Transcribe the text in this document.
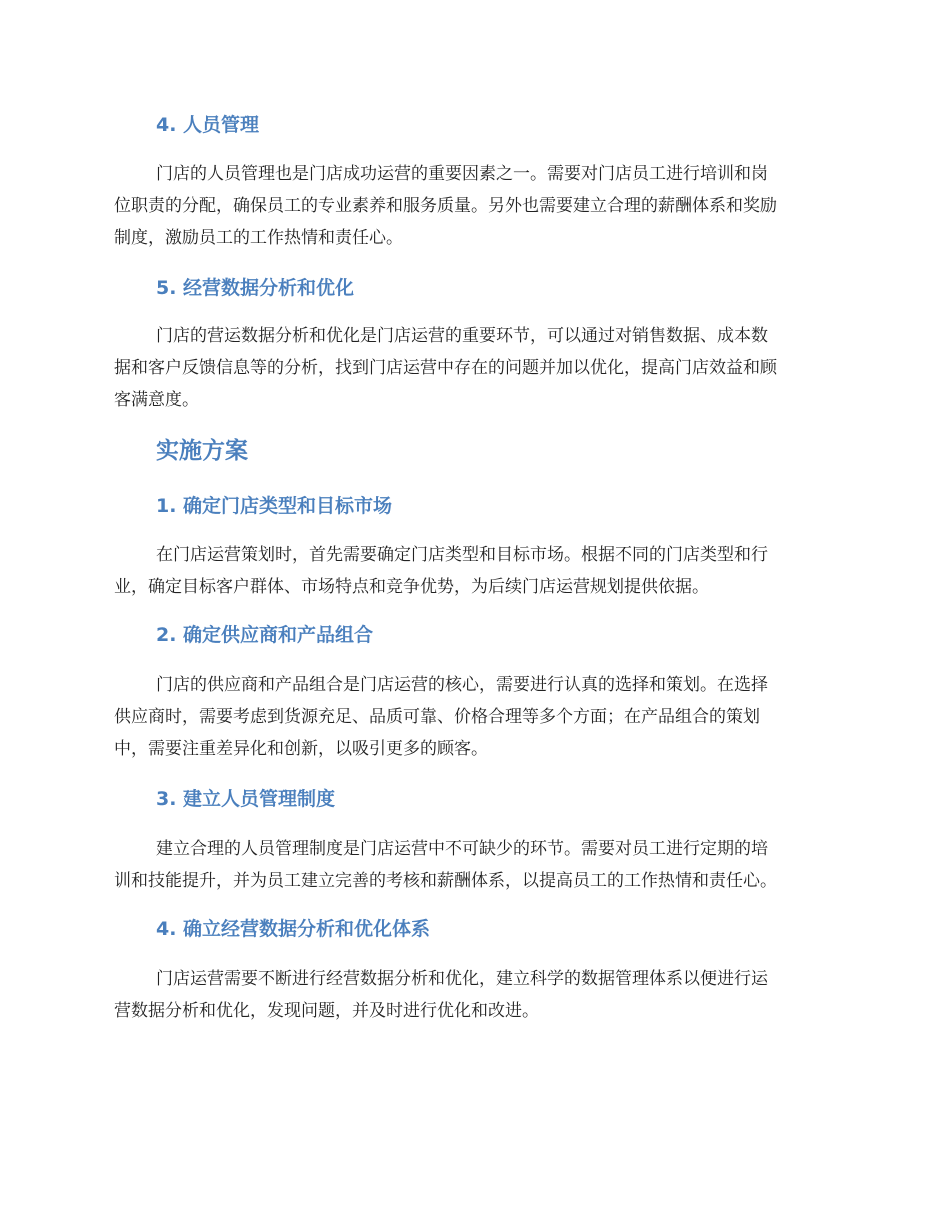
4. 人员管理
门店的人员管理也是门店成功运营的重要因素之一。需要对门店员工进行培训和岗
位职责的分配，确保员工的专业素养和服务质量。另外也需要建立合理的薪酬体系和奖励
制度，激励员工的工作热情和责任心。
5. 经营数据分析和优化
门店的营运数据分析和优化是门店运营的重要环节，可以通过对销售数据、成本数
据和客户反馈信息等的分析，找到门店运营中存在的问题并加以优化，提高门店效益和顾
客满意度。
实施方案
1. 确定门店类型和目标市场
在门店运营策划时，首先需要确定门店类型和目标市场。根据不同的门店类型和行
业，确定目标客户群体、市场特点和竞争优势，为后续门店运营规划提供依据。
2. 确定供应商和产品组合
门店的供应商和产品组合是门店运营的核心，需要进行认真的选择和策划。在选择
供应商时，需要考虑到货源充足、品质可靠、价格合理等多个方面；在产品组合的策划
中，需要注重差异化和创新，以吸引更多的顾客。
3. 建立人员管理制度
建立合理的人员管理制度是门店运营中不可缺少的环节。需要对员工进行定期的培
训和技能提升，并为员工建立完善的考核和薪酬体系，以提高员工的工作热情和责任心。
4. 确立经营数据分析和优化体系
门店运营需要不断进行经营数据分析和优化，建立科学的数据管理体系以便进行运
营数据分析和优化，发现问题，并及时进行优化和改进。
